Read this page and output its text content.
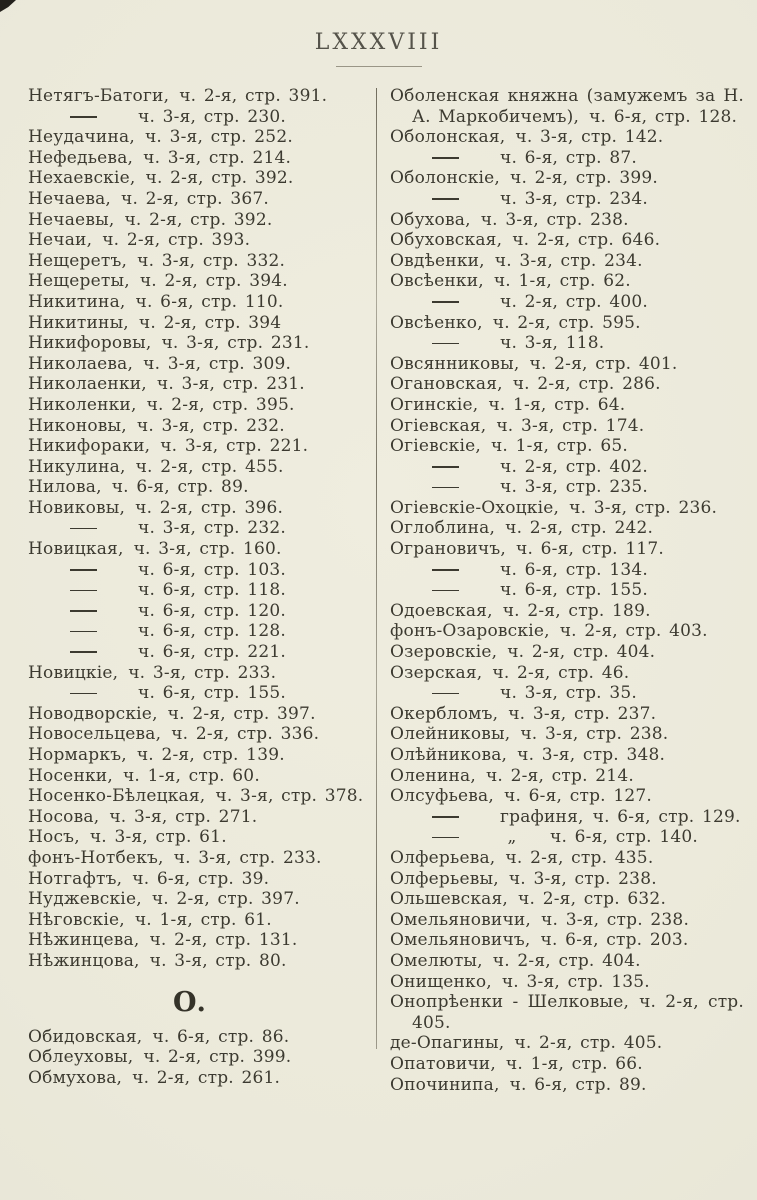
LXXXVIII
Нетягъ-Батоги, ч. 2-я, стр. 391.
ч. 3-я, стр. 230.
Неудачина, ч. 3-я, стр. 252.
Нефедьева, ч. 3-я, стр. 214.
Нехаевскіе, ч. 2-я, стр. 392.
Нечаева, ч. 2-я, стр. 367.
Нечаевы, ч. 2-я, стр. 392.
Нечаи, ч. 2-я, стр. 393.
Нещеретъ, ч. 3-я, стр. 332.
Нещереты, ч. 2-я, стр. 394.
Никитина, ч. 6-я, стр. 110.
Никитины, ч. 2-я, стр. 394
Никифоровы, ч. 3-я, стр. 231.
Николаева, ч. 3-я, стр. 309.
Николаенки, ч. 3-я, стр. 231.
Николенки, ч. 2-я, стр. 395.
Никоновы, ч. 3-я, стр. 232.
Никифораки, ч. 3-я, стр. 221.
Никулина, ч. 2-я, стр. 455.
Нилова, ч. 6-я, стр. 89.
Новиковы, ч. 2-я, стр. 396.
ч. 3-я, стр. 232.
Новицкая, ч. 3-я, стр. 160.
ч. 6-я, стр. 103.
ч. 6-я, стр. 118.
ч. 6-я, стр. 120.
ч. 6-я, стр. 128.
ч. 6-я, стр. 221.
Новицкіе, ч. 3-я, стр. 233.
ч. 6-я, стр. 155.
Новодворскіе, ч. 2-я, стр. 397.
Новосельцева, ч. 2-я, стр. 336.
Нормаркъ, ч. 2-я, стр. 139.
Носенки, ч. 1-я, стр. 60.
Носенко-Бѣлецкая, ч. 3-я, стр. 378.
Носова, ч. 3-я, стр. 271.
Носъ, ч. 3-я, стр. 61.
фонъ-Нотбекъ, ч. 3-я, стр. 233.
Нотгафтъ, ч. 6-я, стр. 39.
Нуджевскіе, ч. 2-я, стр. 397.
Нѣговскіе, ч. 1-я, стр. 61.
Нѣжинцева, ч. 2-я, стр. 131.
Нѣжинцова, ч. 3-я, стр. 80.
О.
Обидовская, ч. 6-я, стр. 86.
Облеуховы, ч. 2-я, стр. 399.
Обмухова, ч. 2-я, стр. 261.
Оболенская княжна (замужемъ за Н. А. Маркобичемъ), ч. 6-я, стр. 128.
Оболонская, ч. 3-я, стр. 142.
ч. 6-я, стр. 87.
Оболонскіе, ч. 2-я, стр. 399.
ч. 3-я, стр. 234.
Обухова, ч. 3-я, стр. 238.
Обуховская, ч. 2-я, стр. 646.
Овдѣенки, ч. 3-я, стр. 234.
Овсѣенки, ч. 1-я, стр. 62.
ч. 2-я, стр. 400.
Овсѣенко, ч. 2-я, стр. 595.
ч. 3-я, 118.
Овсянниковы, ч. 2-я, стр. 401.
Огановская, ч. 2-я, стр. 286.
Огинскіе, ч. 1-я, стр. 64.
Огіевская, ч. 3-я, стр. 174.
Огіевскіе, ч. 1-я, стр. 65.
ч. 2-я, стр. 402.
ч. 3-я, стр. 235.
Огіевскіе-Охоцкіе, ч. 3-я, стр. 236.
Оглоблина, ч. 2-я, стр. 242.
Ограновичъ, ч. 6-я, стр. 117.
ч. 6-я, стр. 134.
ч. 6-я, стр. 155.
Одоевская, ч. 2-я, стр. 189.
фонъ-Озаровскіе, ч. 2-я, стр. 403.
Озеровскіе, ч. 2-я, стр. 404.
Озерская, ч. 2-я, стр. 46.
ч. 3-я, стр. 35.
Окербломъ, ч. 3-я, стр. 237.
Олейниковы, ч. 3-я, стр. 238.
Олѣйникова, ч. 3-я, стр. 348.
Оленина, ч. 2-я, стр. 214.
Олсуфьева, ч. 6-я, стр. 127.
графиня, ч. 6-я, стр. 129.
„ ч. 6-я, стр. 140.
Олферьева, ч. 2-я, стр. 435.
Олферьевы, ч. 3-я, стр. 238.
Ольшевская, ч. 2-я, стр. 632.
Омельяновичи, ч. 3-я, стр. 238.
Омельяновичъ, ч. 6-я, стр. 203.
Омелюты, ч. 2-я, стр. 404.
Онищенко, ч. 3-я, стр. 135.
Онопрѣенки - Шелковые, ч. 2-я, стр. 405.
де-Опагины, ч. 2-я, стр. 405.
Опатовичи, ч. 1-я, стр. 66.
Опочинипа, ч. 6-я, стр. 89.
